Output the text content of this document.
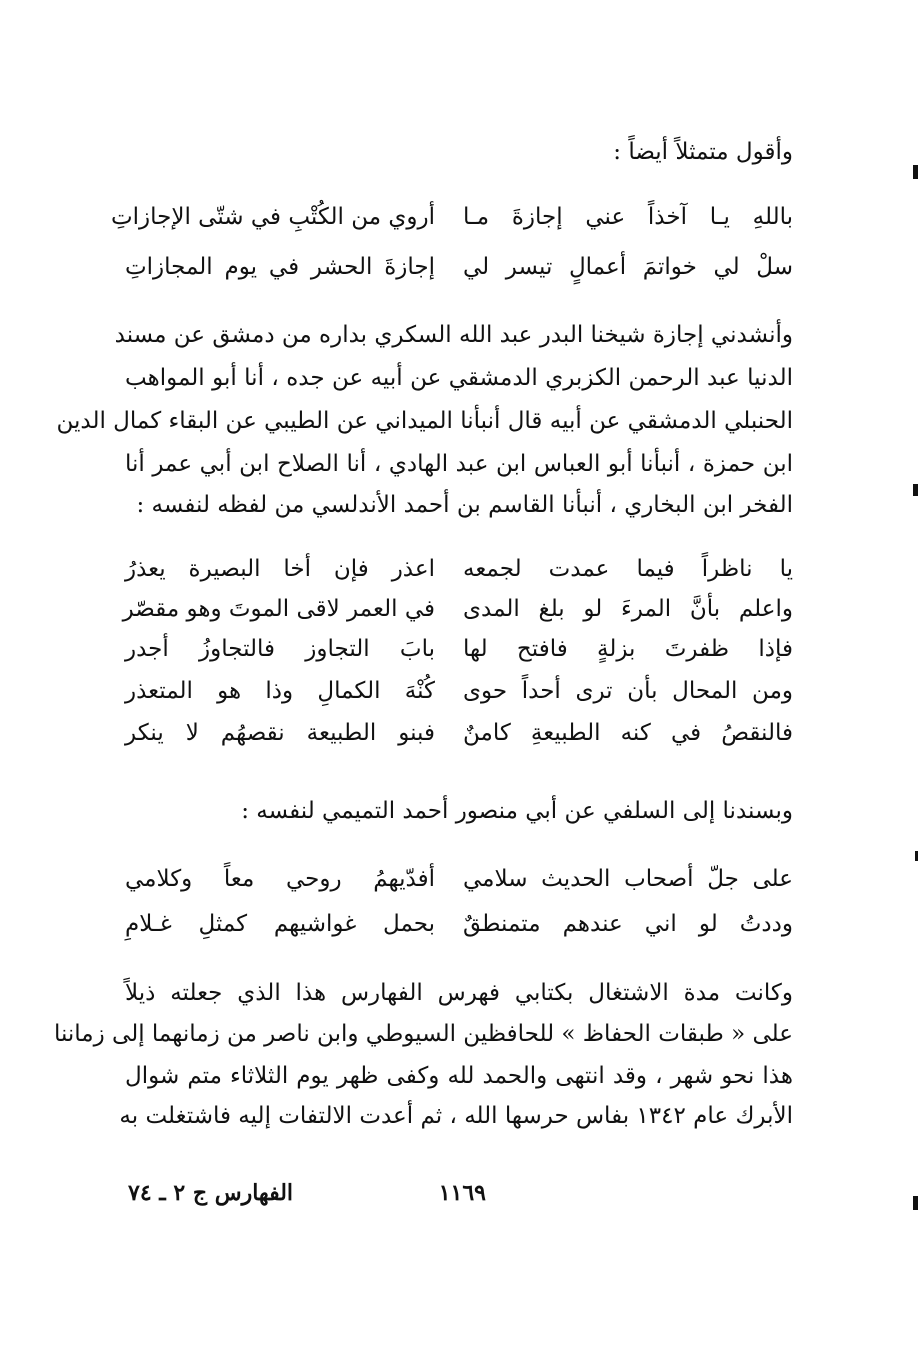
وأقول متمثلاً أيضاً :
باللهِ يـا آخذاً عني إجازةَ مـا
أروي من الكُتْبِ في شتّى الإجازاتِ
سلْ لي خواتمَ أعمالٍ تيسر لي
إجازةَ الحشر في يوم المجازاتِ
وأنشدني إجازة شيخنا البدر عبد الله السكري بداره من دمشق عن مسند
الدنيا عبد الرحمن الكزبري الدمشقي عن أبيه عن جده ، أنا أبو المواهب
الحنبلي الدمشقي عن أبيه قال أنبأنا الميداني عن الطيبي عن البقاء كمال الدين
ابن حمزة ، أنبأنا أبو العباس ابن عبد الهادي ، أنا الصلاح ابن أبي عمر أنا
الفخر ابن البخاري ، أنبأنا القاسم بن أحمد الأندلسي من لفظه لنفسه :
يا ناظراً فيما عمدت لجمعه
اعذر فإن أخا البصيرة يعذرُ
واعلم بأنَّ المرءَ لو بلغ المدى
في العمر لاقى الموتَ وهو مقصّر
فإذا ظفرتَ بزلةٍ فافتح لها
بابَ التجاوز فالتجاوزُ أجدر
ومن المحال بأن ترى أحداً حوى
كُنْهَ الكمالِ وذا هو المتعذر
فالنقصُ في كنه الطبيعةِ كامنٌ
فبنو الطبيعة نقصهُم لا ينكر
وبسندنا إلى السلفي عن أبي منصور أحمد التميمي لنفسه :
على جلّ أصحاب الحديث سلامي
أفدّيهمُ روحي معاً وكلامي
وددتُ لو اني عندهم متمنطقٌ
بحمل غواشيهم كمثلِ غـلامِ
وكانت مدة الاشتغال بكتابي فهرس الفهارس هذا الذي جعلته ذيلاً
على « طبقات الحفاظ » للحافظين السيوطي وابن ناصر من زمانهما إلى زماننا
هذا نحو شهر ، وقد انتهى والحمد لله وكفى ظهر يوم الثلاثاء متم شوال
الأبرك عام ١٣٤٢ بفاس حرسها الله ، ثم أعدت الالتفات إليه فاشتغلت به
١١٦٩
الفهارس ج ٢ ـ ٧٤
